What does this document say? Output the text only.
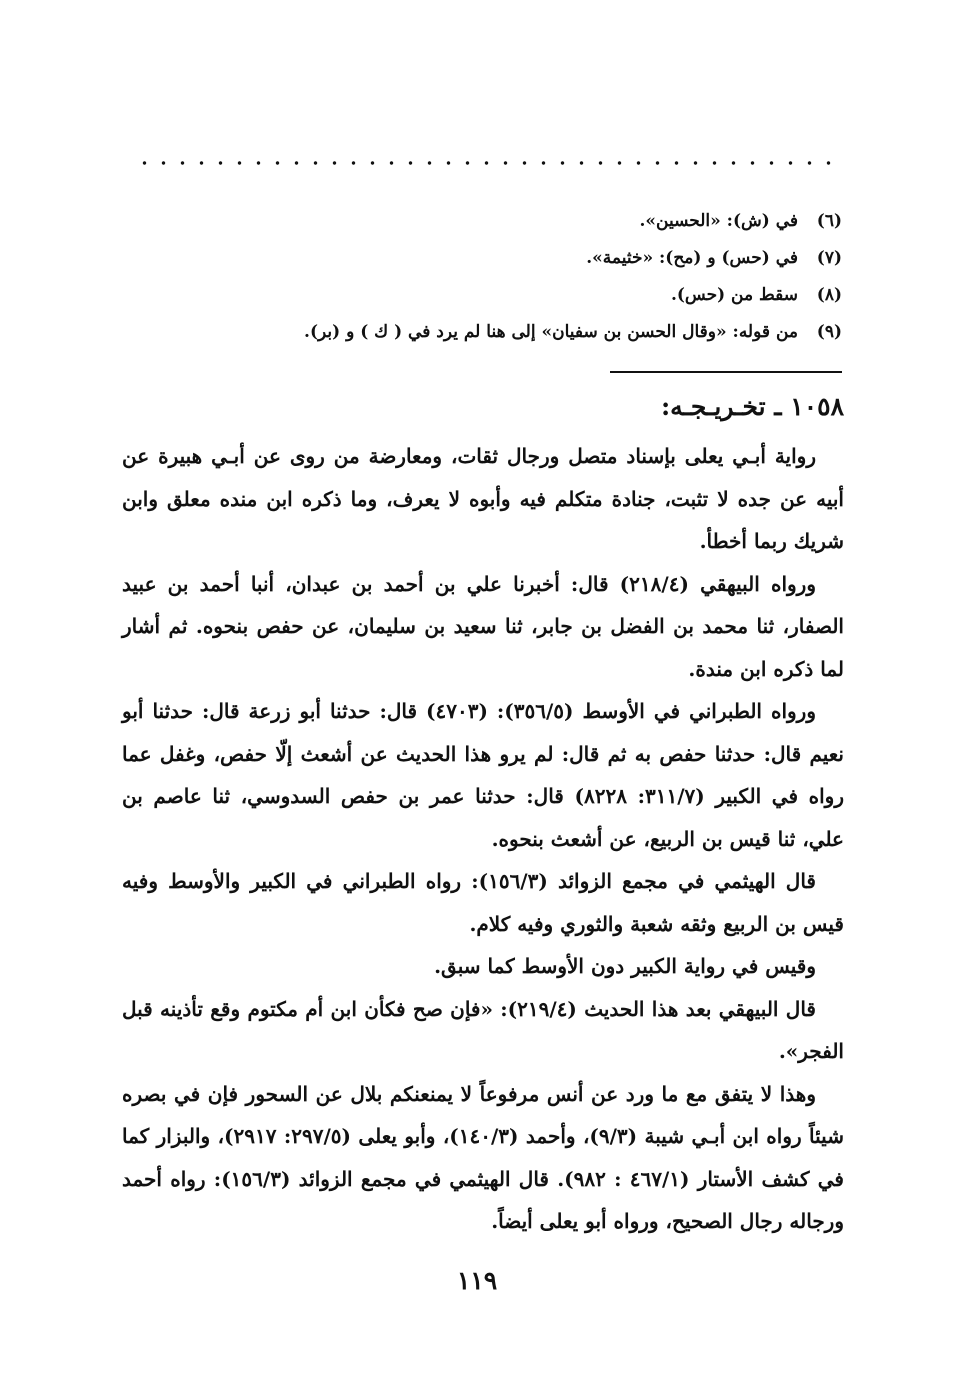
(٦)في (ش): «الحسين».
(٧)في (حس) و (مح): «خثيمة».
(٨)سقط من (حس).
(٩)من قوله: «وقال الحسن بن سفيان» إلى هنا لم يرد في ( ك ) و (بر).
١٠٥٨ ـ تخـريـجـه:

رواية أبـي يعلى بإسناد متصل ورجال ثقات، ومعارضة من روى عن أبـي هبيرة عن أبيه عن جده لا تثبت، جنادة متكلم فيه وأبوه لا يعرف، وما ذكره ابن منده معلق وابن شريك ربما أخطأ.

ورواه البيهقي (٢١٨/٤) قال: أخبرنا علي بن أحمد بن عبدان، أنبا أحمد بن عبيد الصفار، ثنا محمد بن الفضل بن جابر، ثنا سعيد بن سليمان، عن حفص بنحوه. ثم أشار لما ذكره ابن مندة.

ورواه الطبراني في الأوسط (٣٥٦/٥): (٤٧٠٣) قال: حدثنا أبو زرعة قال: حدثنا أبو نعيم قال: حدثنا حفص به ثم قال: لم يرو هذا الحديث عن أشعث إلّا حفص، وغفل عما رواه في الكبير (٣١١/٧: ٨٢٢٨) قال: حدثنا عمر بن حفص السدوسي، ثنا عاصم بن علي، ثنا قيس بن الربيع، عن أشعث بنحوه.

قال الهيثمي في مجمع الزوائد (١٥٦/٣): رواه الطبراني في الكبير والأوسط وفيه قيس بن الربيع وثقه شعبة والثوري وفيه كلام.

وقيس في رواية الكبير دون الأوسط كما سبق.

قال البيهقي بعد هذا الحديث (٢١٩/٤): «فإن صح فكأن ابن أم مكتوم وقع تأذينه قبل الفجر».

وهذا لا يتفق مع ما ورد عن أنس مرفوعاً لا يمنعنكم بلال عن السحور فإن في بصره شيئاً رواه ابن أبـي شيبة (٩/٣)، وأحمد (١٤٠/٣)، وأبو يعلى (٢٩٧/٥: ٢٩١٧)، والبزار كما في كشف الأستار (٤٦٧/١ : ٩٨٢). قال الهيثمي في مجمع الزوائد (١٥٦/٣): رواه أحمد ورجاله رجال الصحيح، ورواه أبو يعلى أيضاً.

١١٩
